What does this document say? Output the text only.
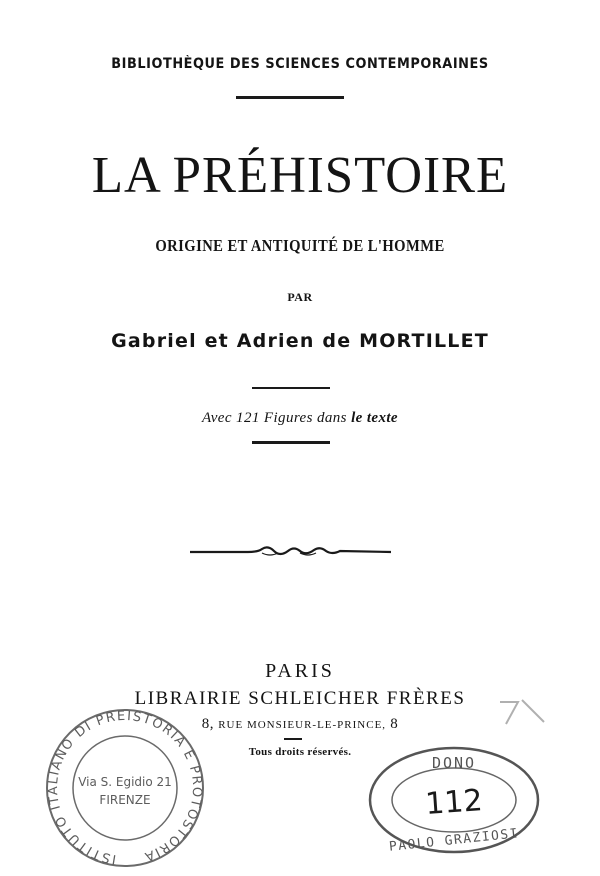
BIBLIOTHÈQUE DES SCIENCES CONTEMPORAINES
LA PRÉHISTOIRE
ORIGINE ET ANTIQUITÉ DE L'HOMME
PAR
Gabriel et Adrien de MORTILLET
Avec 121 Figures dans le texte
PARIS
LIBRAIRIE SCHLEICHER FRÈRES
8, RUE MONSIEUR-LE-PRINCE, 8
Tous droits réservés.
ISTITUTO ITALIANO DI PREISTORIA E PROTOSTORIA
Via S. Egidio 21
FIRENZE
DONO
112
PAOLO GRAZIOSI
